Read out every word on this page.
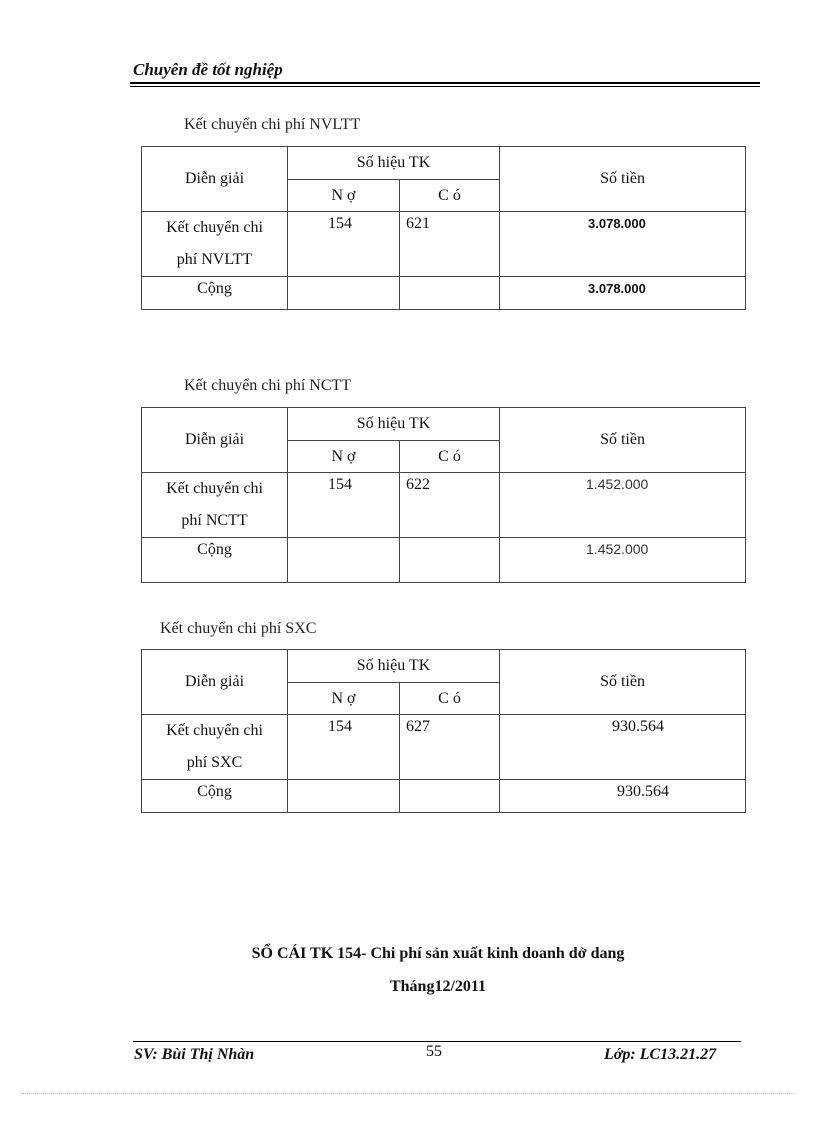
Chuyên đề tốt nghiệp
Kết chuyển chi phí NVLTT
Diễn giải	Số hiệu TK		Số tiền
	N ợ	C ó	

Kết chuyển chi
phí NVLTT	154	621	3.078.000
Cộng			3.078.000
Kết chuyển chi phí NCTT
Diễn giải	Số hiệu TK		Số tiền
	N ợ	C ó	

Kết chuyển chi
phí NCTT	154	622	1.452.000
Cộng			1.452.000
Kết chuyển chi phí SXC
Diễn giải	Số hiệu TK		Số tiền
	N ợ	C ó	

Kết chuyển chi
phí SXC	154	627	930.564
Cộng			930.564
SỔ CÁI TK 154- Chi phí sản xuất kinh doanh dở dang
Tháng12/2011
SV: Bùi Thị Nhàn	55	Lớp: LC13.21.27
